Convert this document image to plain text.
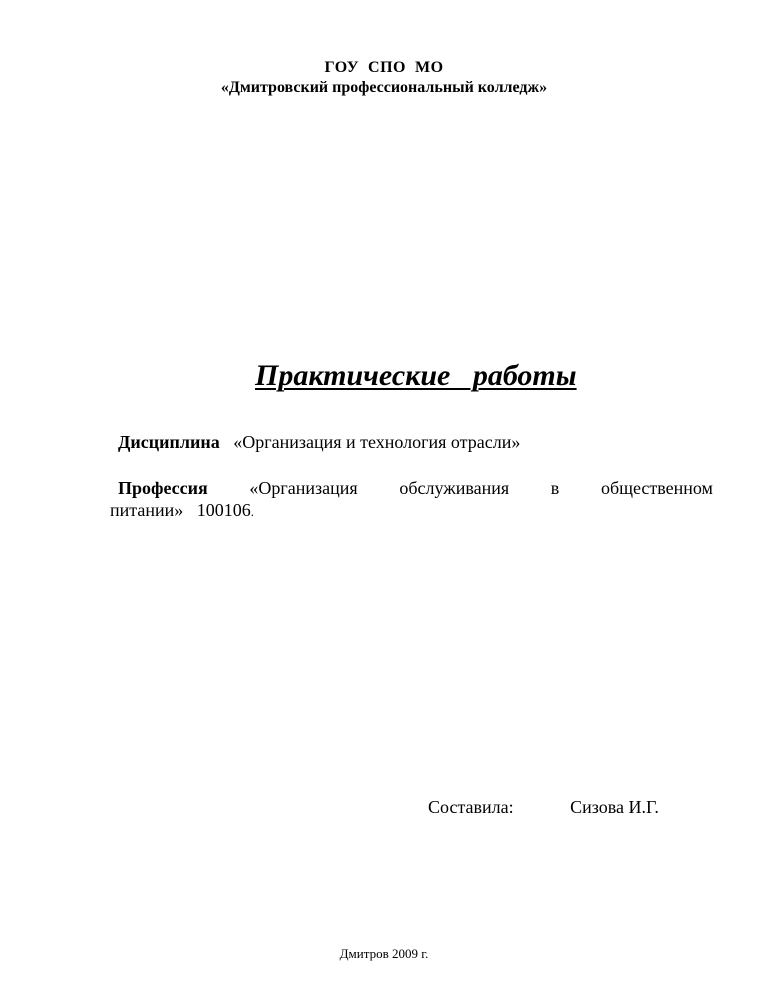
ГОУ  СПО  МО
«Дмитровский профессиональный колледж»
Практические   работы
Дисциплина «Организация и технология отрасли»
Профессия «Организация обслуживания в общественном
питании»   100106.
Составила:	Сизова И.Г.
Дмитров 2009 г.
